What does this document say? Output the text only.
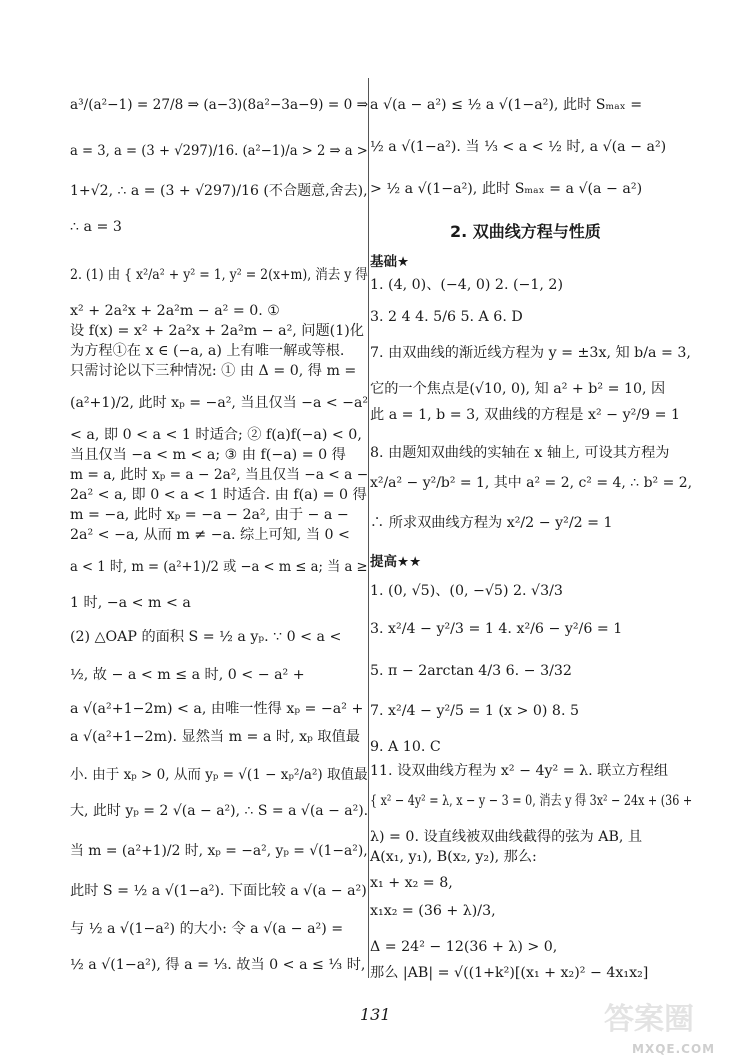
a³/(a²−1) = 27/8 ⇒ (a−3)(8a²−3a−9) = 0 ⇒
a = 3, a = (3 + √297)/16. (a²−1)/a > 2 ⇒ a >
1+√2, ∴ a = (3 + √297)/16 (不合题意,舍去),
∴ a = 3
2. (1) 由 { x²/a² + y² = 1, y² = 2(x+m), 消去 y 得
x² + 2a²x + 2a²m − a² = 0. ①
设 f(x) = x² + 2a²x + 2a²m − a², 问题(1)化
为方程①在 x ∈ (−a, a) 上有唯一解或等根.
只需讨论以下三种情况: ① 由 Δ = 0, 得 m =
(a²+1)/2, 此时 xₚ = −a², 当且仅当 −a < −a²
< a, 即 0 < a < 1 时适合; ② f(a)f(−a) < 0,
当且仅当 −a < m < a; ③ 由 f(−a) = 0 得
m = a, 此时 xₚ = a − 2a², 当且仅当 −a < a −
2a² < a, 即 0 < a < 1 时适合. 由 f(a) = 0 得
m = −a, 此时 xₚ = −a − 2a², 由于 − a −
2a² < −a, 从而 m ≠ −a. 综上可知, 当 0 <
a < 1 时, m = (a²+1)/2 或 −a < m ≤ a; 当 a ≥
1 时, −a < m < a
(2) △OAP 的面积 S = ½ a yₚ. ∵ 0 < a <
½, 故 − a < m ≤ a 时, 0 < − a² +
a √(a²+1−2m) < a, 由唯一性得 xₚ = −a² +
a √(a²+1−2m). 显然当 m = a 时, xₚ 取值最
小. 由于 xₚ > 0, 从而 yₚ = √(1 − xₚ²/a²) 取值最
大, 此时 yₚ = 2 √(a − a²), ∴ S = a √(a − a²).
当 m = (a²+1)/2 时, xₚ = −a², yₚ = √(1−a²),
此时 S = ½ a √(1−a²). 下面比较 a √(a − a²)
与 ½ a √(1−a²) 的大小: 令 a √(a − a²) =
½ a √(1−a²), 得 a = ⅓. 故当 0 < a ≤ ⅓ 时,
a √(a − a²) ≤ ½ a √(1−a²), 此时 Sₘₐₓ =
½ a √(1−a²). 当 ⅓ < a < ½ 时, a √(a − a²)
> ½ a √(1−a²), 此时 Sₘₐₓ = a √(a − a²)
2. 双曲线方程与性质
基础★
1. (4, 0)、(−4, 0) 2. (−1, 2)
3. 2 4 4. 5/6 5. A 6. D
7. 由双曲线的渐近线方程为 y = ±3x, 知 b/a = 3,
它的一个焦点是(√10, 0), 知 a² + b² = 10, 因
此 a = 1, b = 3, 双曲线的方程是 x² − y²/9 = 1
8. 由题知双曲线的实轴在 x 轴上, 可设其方程为
x²/a² − y²/b² = 1, 其中 a² = 2, c² = 4, ∴ b² = 2,
∴ 所求双曲线方程为 x²/2 − y²/2 = 1
提高★★
1. (0, √5)、(0, −√5) 2. √3/3
3. x²/4 − y²/3 = 1 4. x²/6 − y²/6 = 1
5. π − 2arctan 4/3 6. − 3/32
7. x²/4 − y²/5 = 1 (x > 0) 8. 5
9. A 10. C
11. 设双曲线方程为 x² − 4y² = λ. 联立方程组
{ x² − 4y² = λ, x − y − 3 = 0, 消去 y 得 3x² − 24x + (36 +
λ) = 0. 设直线被双曲线截得的弦为 AB, 且
A(x₁, y₁), B(x₂, y₂), 那么:
x₁ + x₂ = 8,
x₁x₂ = (36 + λ)/3,
Δ = 24² − 12(36 + λ) > 0,
那么 |AB| = √((1+k²)[(x₁ + x₂)² − 4x₁x₂]
131	答案圈
MXQE.COM
